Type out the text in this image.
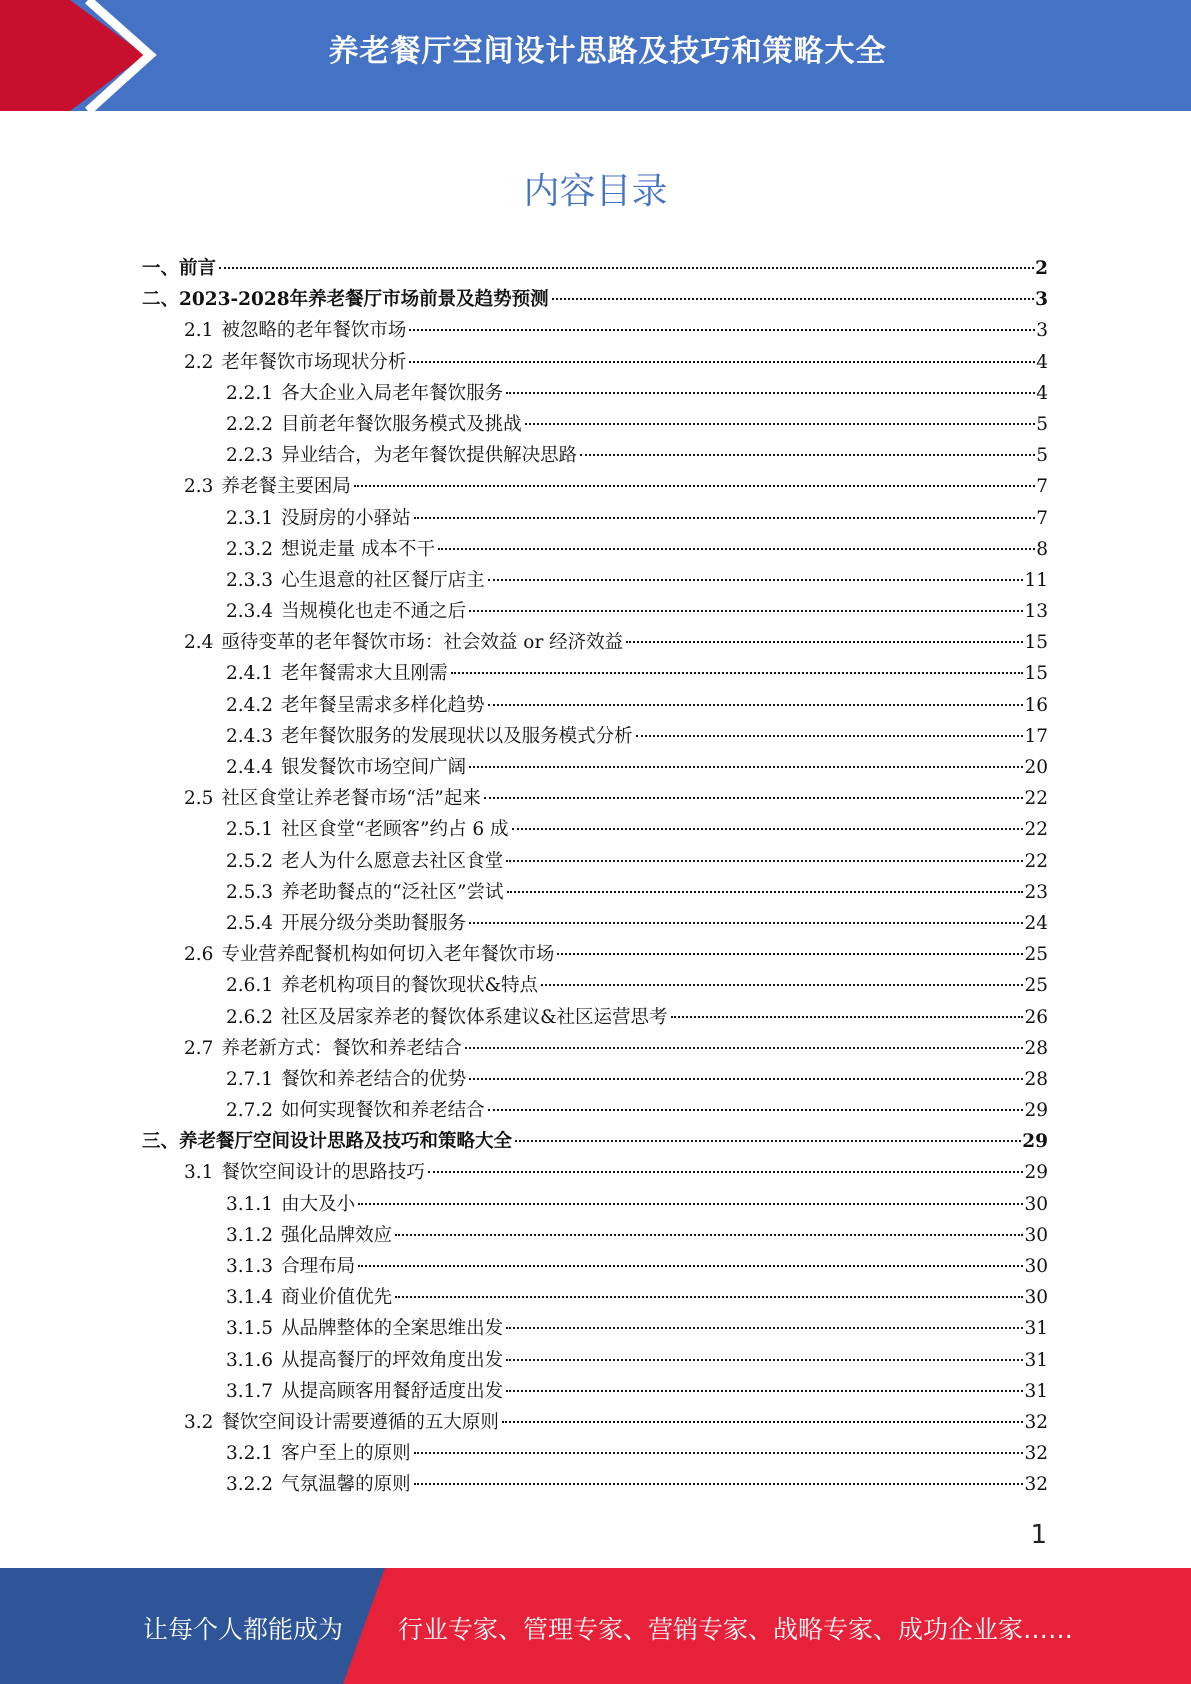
养老餐厅空间设计思路及技巧和策略大全
内容目录
一、前言	2
二、2023-2028年养老餐厅市场前景及趋势预测	3
2.1 被忽略的老年餐饮市场	3
2.2 老年餐饮市场现状分析	4
2.2.1 各大企业入局老年餐饮服务	4
2.2.2 目前老年餐饮服务模式及挑战	5
2.2.3 异业结合，为老年餐饮提供解决思路	5
2.3 养老餐主要困局	7
2.3.1 没厨房的小驿站	7
2.3.2 想说走量 成本不干	8
2.3.3 心生退意的社区餐厅店主	11
2.3.4 当规模化也走不通之后	13
2.4 亟待变革的老年餐饮市场：社会效益 or 经济效益	15
2.4.1 老年餐需求大且刚需	15
2.4.2 老年餐呈需求多样化趋势	16
2.4.3 老年餐饮服务的发展现状以及服务模式分析	17
2.4.4 银发餐饮市场空间广阔	20
2.5 社区食堂让养老餐市场“活”起来	22
2.5.1 社区食堂“老顾客”约占 6 成	22
2.5.2 老人为什么愿意去社区食堂	22
2.5.3 养老助餐点的“泛社区”尝试	23
2.5.4 开展分级分类助餐服务	24
2.6 专业营养配餐机构如何切入老年餐饮市场	25
2.6.1 养老机构项目的餐饮现状&特点	25
2.6.2 社区及居家养老的餐饮体系建议&社区运营思考	26
2.7 养老新方式：餐饮和养老结合	28
2.7.1 餐饮和养老结合的优势	28
2.7.2 如何实现餐饮和养老结合	29
三、养老餐厅空间设计思路及技巧和策略大全	29
3.1 餐饮空间设计的思路技巧	29
3.1.1 由大及小	30
3.1.2 强化品牌效应	30
3.1.3 合理布局	30
3.1.4 商业价值优先	30
3.1.5 从品牌整体的全案思维出发	31
3.1.6 从提高餐厅的坪效角度出发	31
3.1.7 从提高顾客用餐舒适度出发	31
3.2 餐饮空间设计需要遵循的五大原则	32
3.2.1 客户至上的原则	32
3.2.2 气氛温馨的原则	32
1
让每个人都能成为 行业专家、管理专家、营销专家、战略专家、成功企业家……
